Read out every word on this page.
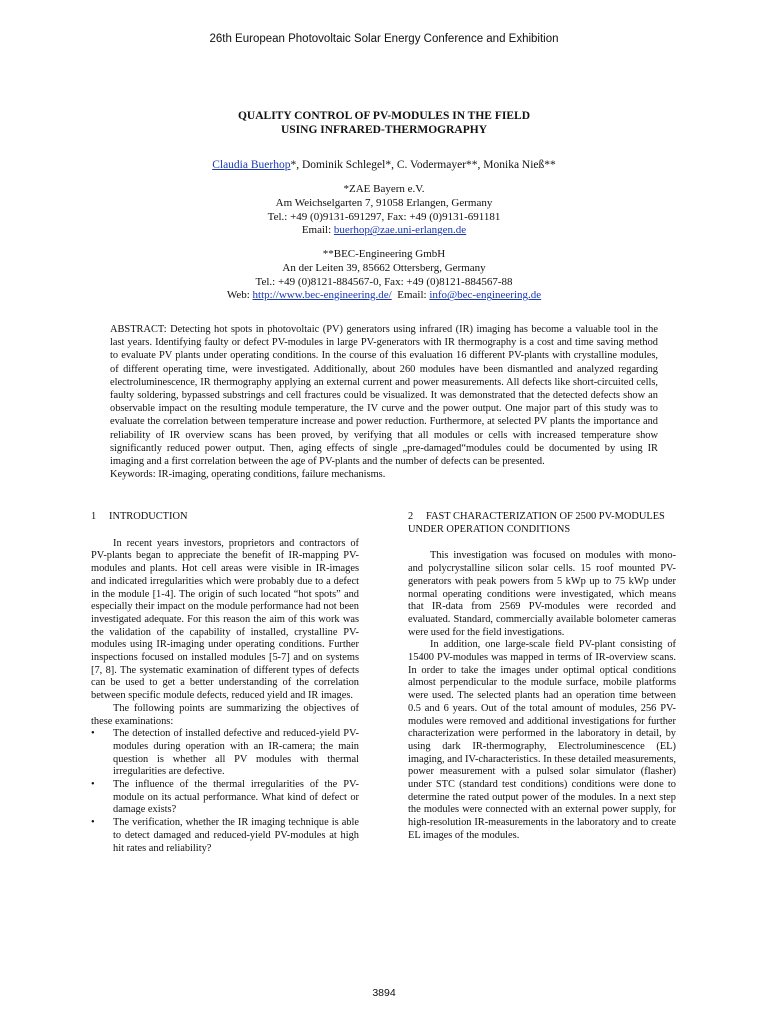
26th European Photovoltaic Solar Energy Conference and Exhibition
QUALITY CONTROL OF PV-MODULES IN THE FIELD
USING INFRARED-THERMOGRAPHY
Claudia Buerhop*, Dominik Schlegel*, C. Vodermayer**, Monika Nieß**
*ZAE Bayern e.V.
Am Weichselgarten 7, 91058 Erlangen, Germany
Tel.: +49 (0)9131-691297, Fax: +49 (0)9131-691181
Email: buerhop@zae.uni-erlangen.de
**BEC-Engineering GmbH
An der Leiten 39, 85662 Ottersberg, Germany
Tel.: +49 (0)8121-884567-0, Fax: +49 (0)8121-884567-88
Web: http://www.bec-engineering.de/  Email: info@bec-engineering.de

ABSTRACT: Detecting hot spots in photovoltaic (PV) generators using infrared (IR) imaging has become a valuable tool in the last years. Identifying faulty or defect PV-modules in large PV-generators with IR thermography is a cost and time saving method to evaluate PV plants under operating conditions. In the course of this evaluation 16 different PV-plants with crystalline modules, of different operating time, were investigated. Additionally, about 260 modules have been dismantled and analyzed regarding electroluminescence, IR thermography applying an external current and power measurements. All defects like short-circuited cells, faulty soldering, bypassed substrings and cell fractures could be visualized. It was demonstrated that the detected defects show an observable impact on the resulting module temperature, the IV curve and the power output. One major part of this study was to evaluate the correlation between temperature increase and power reduction. Furthermore, at selected PV plants the importance and reliability of IR overview scans has been proved, by verifying that all modules or cells with increased temperature show significantly reduced power output. Then, aging effects of single „pre-damaged“modules could be documented by using IR imaging and a first correlation between the age of PV-plants and the number of defects can be presented.

Keywords: IR-imaging, operating conditions, failure mechanisms.

1 INTRODUCTION

In recent years investors, proprietors and contractors of PV-plants began to appreciate the benefit of IR-mapping PV-modules and plants. Hot cell areas were visible in IR-images and indicated irregularities which were probably due to a defect in the module [1-4]. The origin of such located “hot spots” and especially their impact on the module performance had not been investigated adequate. For this reason the aim of this work was the validation of the capability of installed, crystalline PV-modules using IR-imaging under operating conditions. Further inspections focused on installed modules [5-7] and on systems [7, 8]. The systematic examination of different types of defects can be used to get a better understanding of the correlation between specific module defects, reduced yield and IR images.

The following points are summarizing the objectives of these examinations:

• The detection of installed defective and reduced-yield PV-modules during operation with an IR-camera; the main question is whether all PV modules with thermal irregularities are defective.
• The influence of the thermal irregularities of the PV-module on its actual performance. What kind of defect or damage exists?
• The verification, whether the IR imaging technique is able to detect damaged and reduced-yield PV-modules at high hit rates and reliability?
2 FAST CHARACTERIZATION OF 2500 PV-MODULES UNDER OPERATION CONDITIONS

This investigation was focused on modules with mono- and polycrystalline silicon solar cells. 15 roof mounted PV-generators with peak powers from 5 kWp up to 75 kWp under normal operating conditions were investigated, which means that IR-data from 2569 PV-modules were recorded and evaluated. Standard, commercially available bolometer cameras were used for the field investigations.

In addition, one large-scale field PV-plant consisting of 15400 PV-modules was mapped in terms of IR-overview scans. In order to take the images under optimal optical conditions almost perpendicular to the module surface, mobile platforms were used. The selected plants had an operation time between 0.5 and 6 years. Out of the total amount of modules, 256 PV-modules were removed and additional investigations for further characterization were performed in the laboratory in detail, by using dark IR-thermography, Electroluminescence (EL) imaging, and IV-characteristics. In these detailed measurements, power measurement with a pulsed solar simulator (flasher) under STC (standard test conditions) conditions were done to determine the rated output power of the modules. In a next step the modules were connected with an external power supply, for high-resolution IR-measurements in the laboratory and to create EL images of the modules.

3894
